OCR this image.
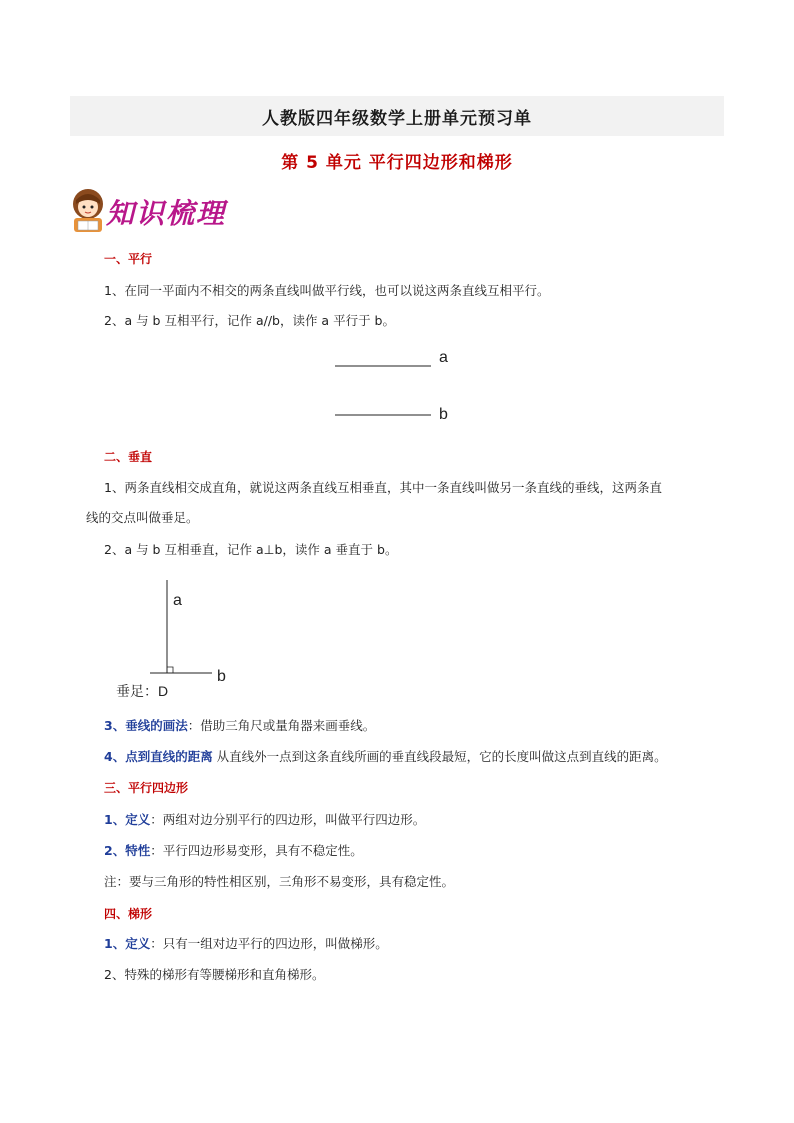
人教版四年级数学上册单元预习单
第 5 单元 平行四边形和梯形
知识梳理
一、平行
1、在同一平面内不相交的两条直线叫做平行线，也可以说这两条直线互相平行。
2、a 与 b 互相平行，记作 a//b，读作 a 平行于 b。
a
b
二、垂直
1、两条直线相交成直角，就说这两条直线互相垂直，其中一条直线叫做另一条直线的垂线，这两条直
线的交点叫做垂足。
2、a 与 b 互相垂直，记作 a⊥b，读作 a 垂直于 b。
a
b
垂足：D
3、垂线的画法：借助三角尺或量角器来画垂线。
4、点到直线的距离 从直线外一点到这条直线所画的垂直线段最短，它的长度叫做这点到直线的距离。
三、平行四边形
1、定义：两组对边分别平行的四边形，叫做平行四边形。
2、特性：平行四边形易变形，具有不稳定性。
注：要与三角形的特性相区别，三角形不易变形，具有稳定性。
四、梯形
1、定义：只有一组对边平行的四边形，叫做梯形。
2、特殊的梯形有等腰梯形和直角梯形。
